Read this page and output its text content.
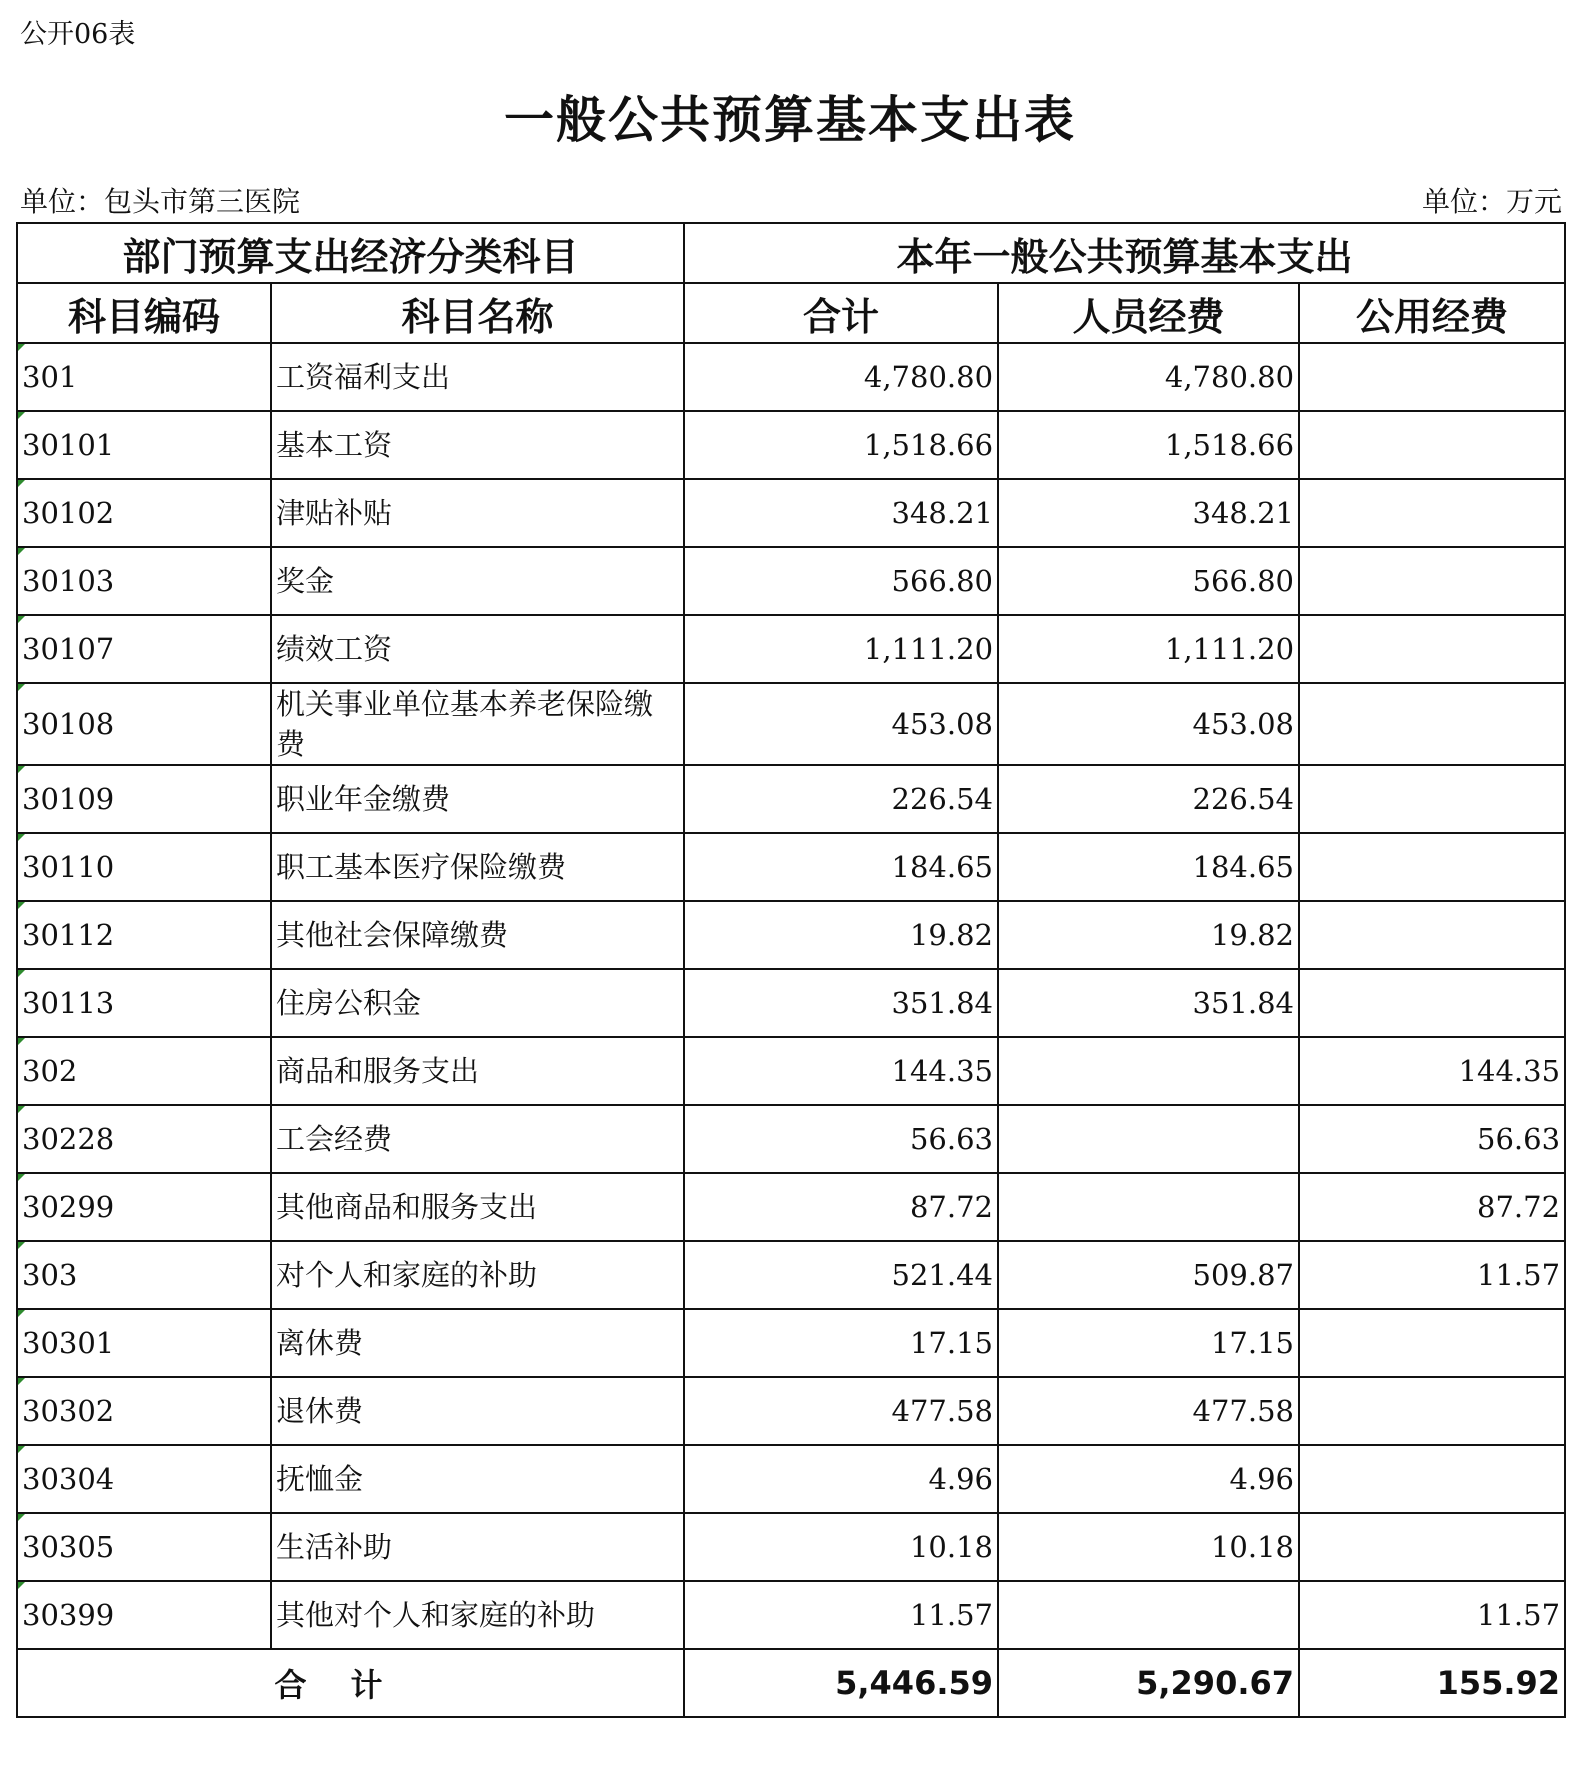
公开06表
一般公共预算基本支出表
单位：包头市第三医院	单位：万元
部门预算支出经济分类科目		本年一般公共预算基本支出		
科目编码	科目名称	合计	人员经费	公用经费
301	工资福利支出	4,780.80	4,780.80	
30101	基本工资	1,518.66	1,518.66	
30102	津贴补贴	348.21	348.21	
30103	奖金	566.80	566.80	
30107	绩效工资	1,111.20	1,111.20	
30108	机关事业单位基本养老保险缴费	453.08	453.08	
30109	职业年金缴费	226.54	226.54	
30110	职工基本医疗保险缴费	184.65	184.65	
30112	其他社会保障缴费	19.82	19.82	
30113	住房公积金	351.84	351.84	
302	商品和服务支出	144.35		144.35
30228	工会经费	56.63		56.63
30299	其他商品和服务支出	87.72		87.72
303	对个人和家庭的补助	521.44	509.87	11.57
30301	离休费	17.15	17.15	
30302	退休费	477.58	477.58	
30304	抚恤金	4.96	4.96	
30305	生活补助	10.18	10.18	
30399	其他对个人和家庭的补助	11.57		11.57
合计		5,446.59	5,290.67	155.92
